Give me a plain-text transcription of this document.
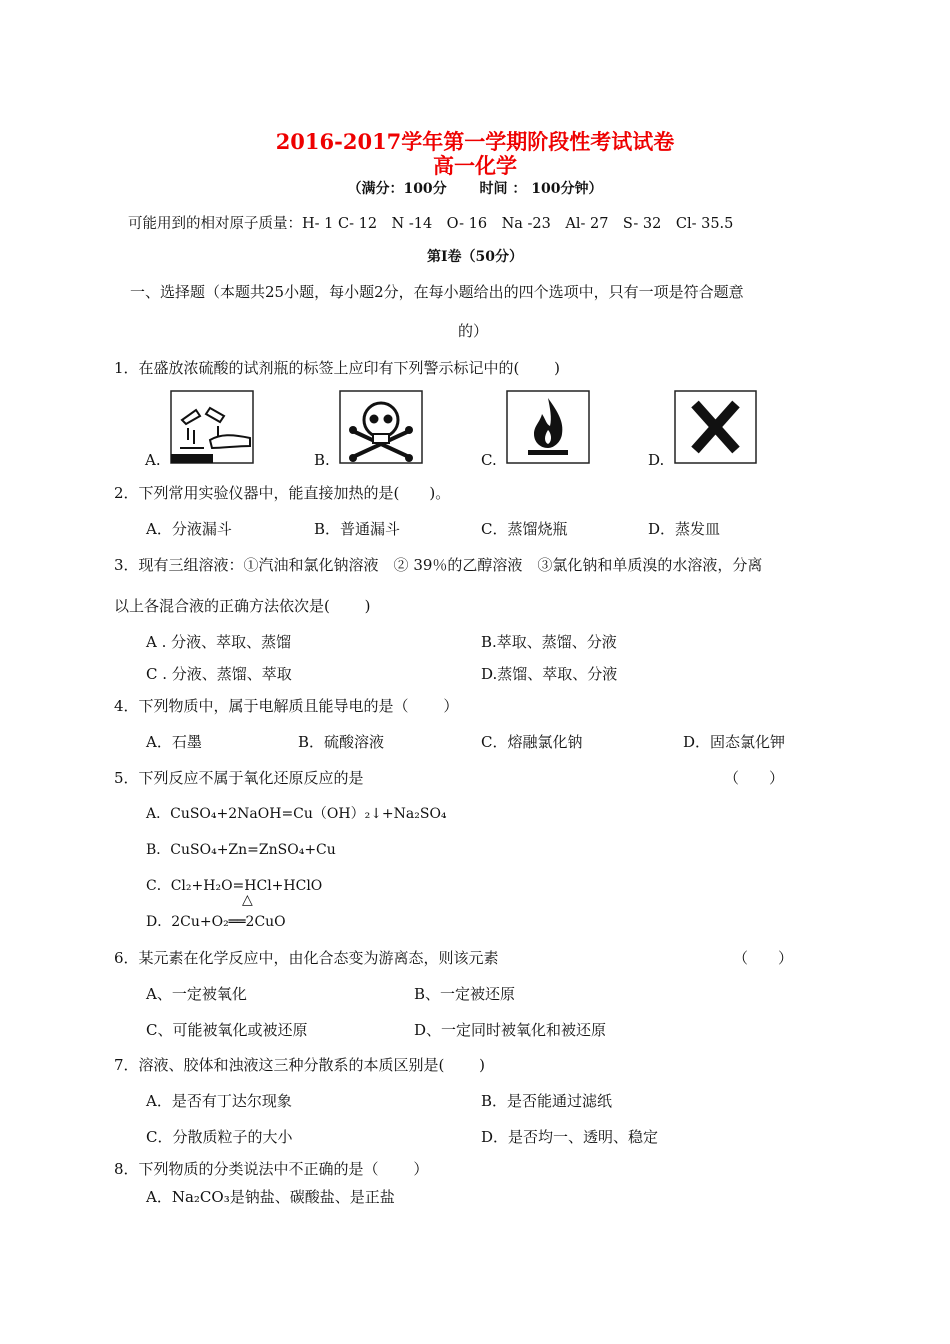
2016-2017学年第一学期阶段性考试试卷
高一化学
（满分：100分　　 时间 ： 100分钟）
可能用到的相对原子质量：H- 1 C- 12　N -14　O- 16　Na -23　Al- 27　S- 32　Cl- 35.5
第Ⅰ卷（50分）
一、选择题（本题共25小题，每小题2分，在每小题给出的四个选项中，只有一项是符合题意
的）
1．在盛放浓硫酸的试剂瓶的标签上应印有下列警示标记中的(　　 )
A.	B.	C.	D.
2．下列常用实验仪器中，能直接加热的是(　　)。
A．分液漏斗	B．普通漏斗	C．蒸馏烧瓶	D．蒸发皿
3．现有三组溶液：①汽油和氯化钠溶液　② 39％的乙醇溶液　③氯化钠和单质溴的水溶液，分离
以上各混合液的正确方法依次是(　　 )
A . 分液、萃取、蒸馏	B.萃取、蒸馏、分液
C . 分液、蒸馏、萃取	D.蒸馏、萃取、分液
4．下列物质中，属于电解质且能导电的是（　　 ）
A．石墨	B．硫酸溶液	C．熔融氯化钠	D．固态氯化钾
5．下列反应不属于氧化还原反应的是	（　　）
A．CuSO₄+2NaOH=Cu（OH）₂↓+Na₂SO₄
B．CuSO₄+Zn=ZnSO₄+Cu
C．Cl₂+H₂O=HCl+HClO
△
D．2Cu+O₂══2CuO
6．某元素在化学反应中，由化合态变为游离态，则该元素	（　　）
A、一定被氧化	B、一定被还原
C、可能被氧化或被还原	D、一定同时被氧化和被还原
7．溶液、胶体和浊液这三种分散系的本质区别是(　　 )
A．是否有丁达尔现象	B．是否能通过滤纸
C．分散质粒子的大小	D．是否均一、透明、稳定
8．下列物质的分类说法中不正确的是（　　 ）
A．Na₂CO₃是钠盐、碳酸盐、是正盐
